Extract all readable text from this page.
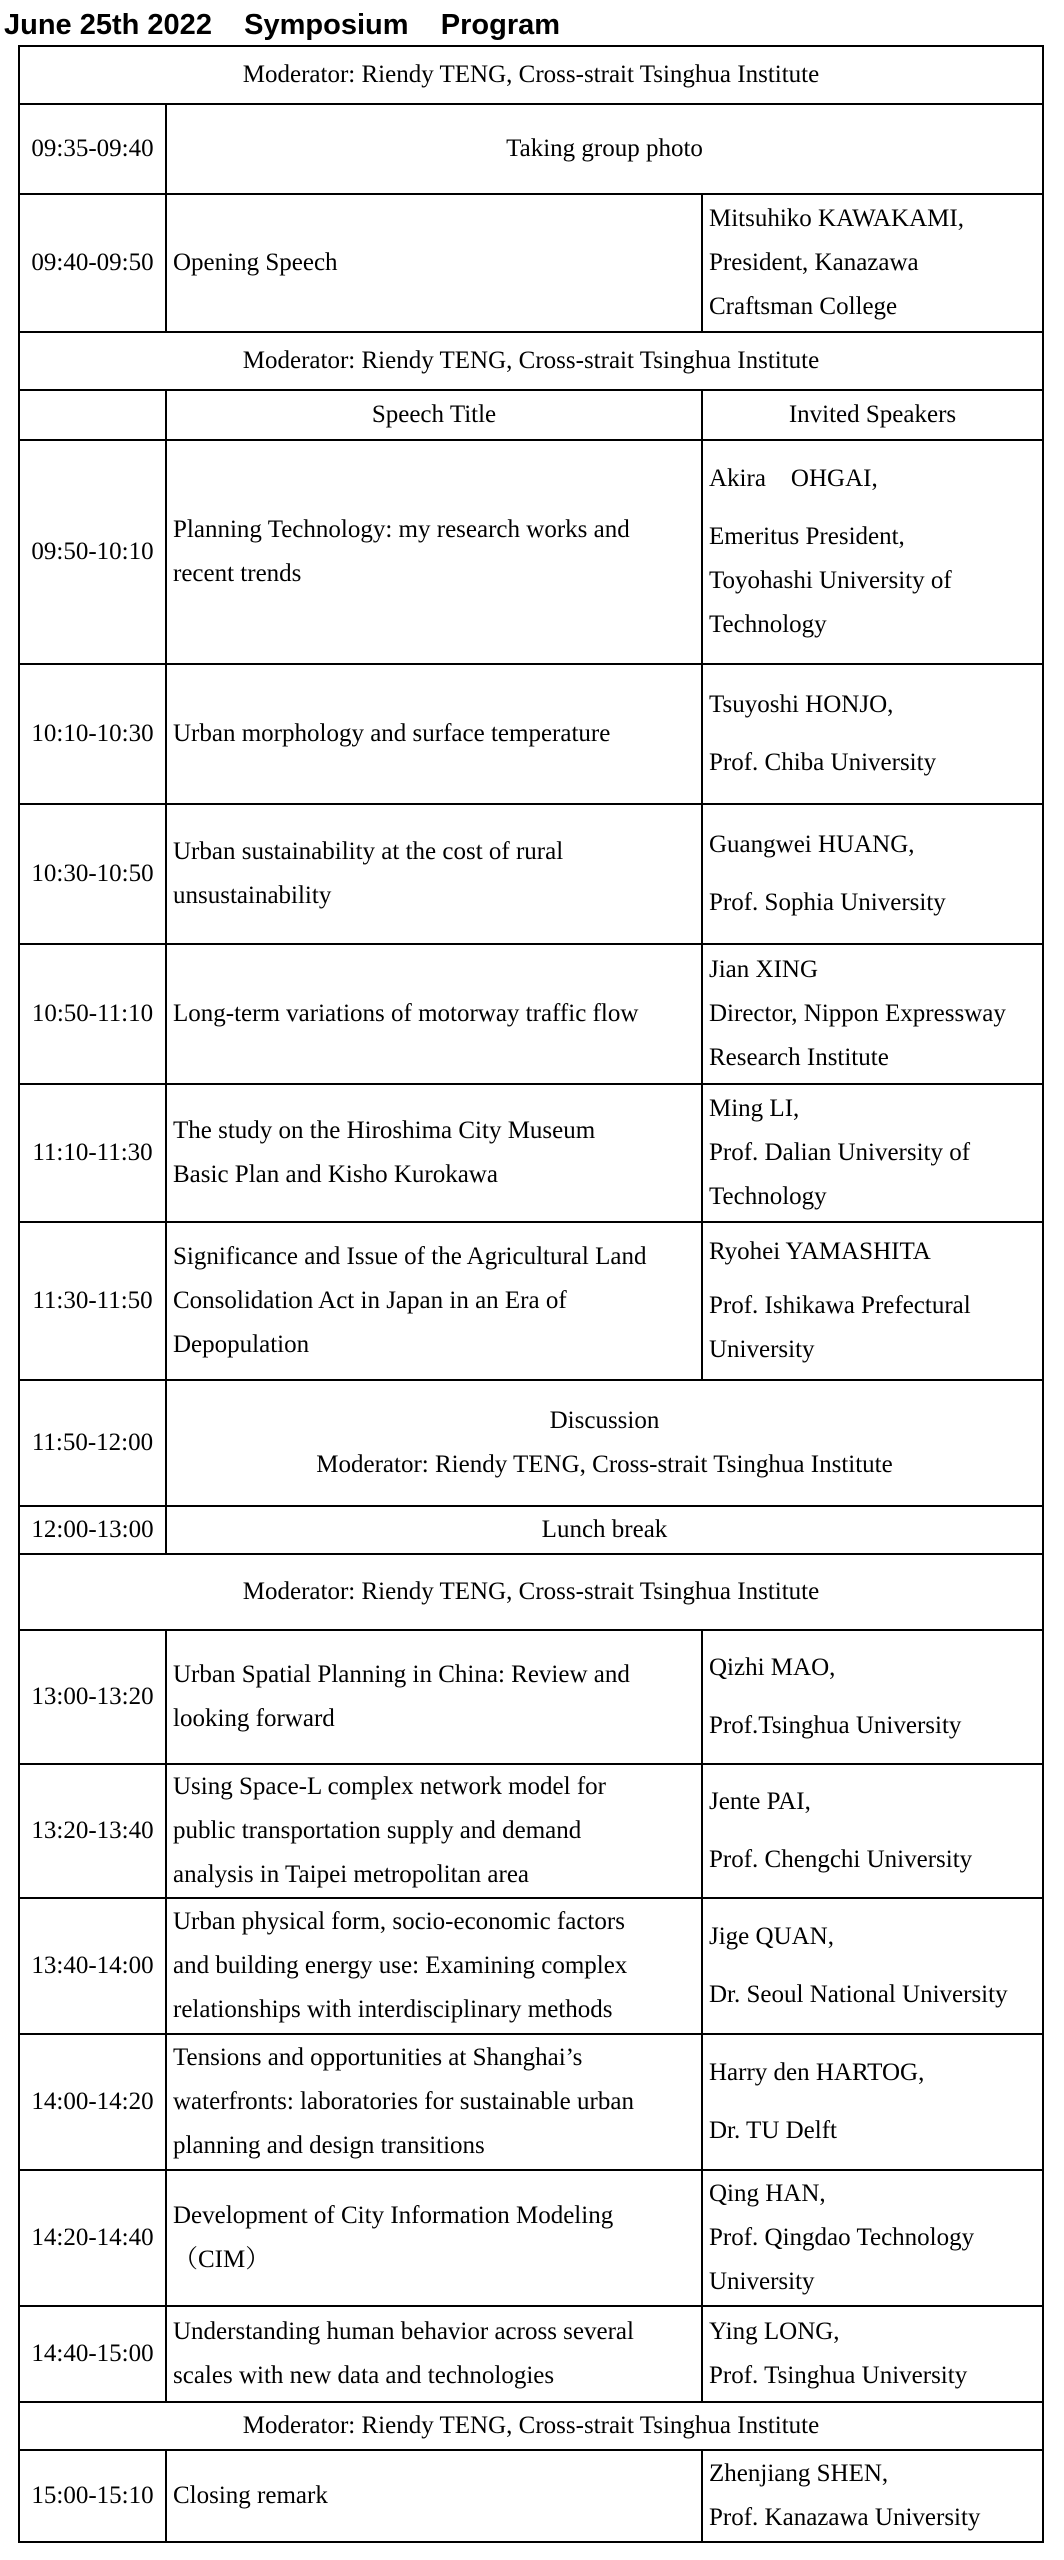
June 25th 2022    Symposium    Program
Moderator: Riendy TENG, Cross-strait Tsinghua Institute		
09:35-09:40	Taking group photo	
09:40-09:50	Opening Speech	Mitsuhiko KAWAKAMI,
President, Kanazawa
Craftsman College

Moderator: Riendy TENG, Cross-strait Tsinghua Institute		
	Speech Title	Invited Speakers
09:50-10:10	Planning Technology: my research works and
recent trends	Akira　OHGAI,
Emeritus President,
Toyohashi University of
Technology

10:10-10:30	Urban morphology and surface temperature	Tsuyoshi HONJO,
Prof. Chiba University

10:30-10:50	Urban sustainability at the cost of rural
unsustainability	Guangwei HUANG,
Prof. Sophia University

10:50-11:10	Long-term variations of motorway traffic flow	Jian XING
Director, Nippon Expressway
Research Institute

11:10-11:30	The study on the Hiroshima City Museum
Basic Plan and Kisho Kurokawa	Ming LI,
Prof. Dalian University of
Technology

11:30-11:50	Significance and Issue of the Agricultural Land
Consolidation Act in Japan in an Era of
Depopulation	Ryohei YAMASHITA
Prof. Ishikawa Prefectural
University

11:50-12:00	Discussion
Moderator: Riendy TENG, Cross-strait Tsinghua Institute	

12:00-13:00	Lunch break	
Moderator: Riendy TENG, Cross-strait Tsinghua Institute		
13:00-13:20	Urban Spatial Planning in China: Review and
looking forward	Qizhi MAO,
Prof.Tsinghua University

13:20-13:40	Using Space-L complex network model for
public transportation supply and demand
analysis in Taipei metropolitan area	Jente PAI,
Prof. Chengchi University

13:40-14:00	Urban physical form, socio-economic factors
and building energy use: Examining complex
relationships with interdisciplinary methods	Jige QUAN,
Dr. Seoul National University

14:00-14:20	Tensions and opportunities at Shanghai’s
waterfronts: laboratories for sustainable urban
planning and design transitions	Harry den HARTOG,
Dr. TU Delft

14:20-14:40	Development of City Information Modeling
（CIM）	Qing HAN,
Prof. Qingdao Technology
University

14:40-15:00	Understanding human behavior across several
scales with new data and technologies	Ying LONG,
Prof. Tsinghua University

Moderator: Riendy TENG, Cross-strait Tsinghua Institute		
15:00-15:10	Closing remark	Zhenjiang SHEN,
Prof. Kanazawa University
